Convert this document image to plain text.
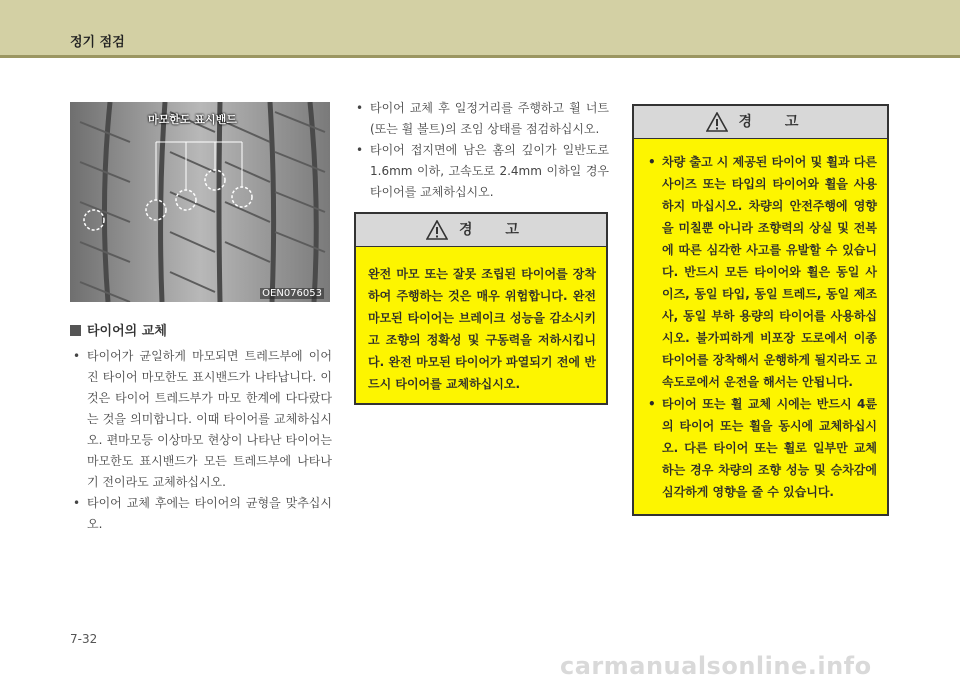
정기 점검
마모한도 표시밴드
OEN076053
타이어의 교체
• 타이어가 균일하게 마모되면 트레드부에 이어진 타이어 마모한도 표시밴드가 나타납니다. 이것은 타이어 트레드부가 마모 한계에 다다랐다는 것을 의미합니다. 이때 타이어를 교체하십시오. 편마모등 이상마모 현상이 나타난 타이어는 마모한도 표시밴드가 모든 트레드부에 나타나기 전이라도 교체하십시오.
• 타이어 교체 후에는 타이어의 균형을 맞추십시오.
• 타이어 교체 후 일정거리를 주행하고 휠 너트(또는 휠 볼트)의 조임 상태를 점검하십시오.
• 타이어 접지면에 남은 홈의 깊이가 일반도로 1.6mm 이하, 고속도로 2.4mm 이하일 경우 타이어를 교체하십시오.
경 고
완전 마모 또는 잘못 조립된 타이어를 장착하여 주행하는 것은 매우 위험합니다. 완전 마모된 타이어는 브레이크 성능을 감소시키고 조향의 정확성 및 구동력을 저하시킵니다. 완전 마모된 타이어가 파열되기 전에 반드시 타이어를 교체하십시오.
경 고
• 차량 출고 시 제공된 타이어 및 휠과 다른 사이즈 또는 타입의 타이어와 휠을 사용하지 마십시오. 차량의 안전주행에 영향을 미칠뿐 아니라 조향력의 상실 및 전복에 따른 심각한 사고를 유발할 수 있습니다. 반드시 모든 타이어와 휠은 동일 사이즈, 동일 타입, 동일 트레드, 동일 제조사, 동일 부하 용량의 타이어를 사용하십시오. 불가피하게 비포장 도로에서 이종 타이어를 장착해서 운행하게 될지라도 고속도로에서 운전을 해서는 안됩니다.
• 타이어 또는 휠 교체 시에는 반드시 4륜의 타이어 또는 휠을 동시에 교체하십시오. 다른 타이어 또는 휠로 일부만 교체하는 경우 차량의 조향 성능 및 승차감에 심각하게 영향을 줄 수 있습니다.
7-32
carmanualsonline.info
